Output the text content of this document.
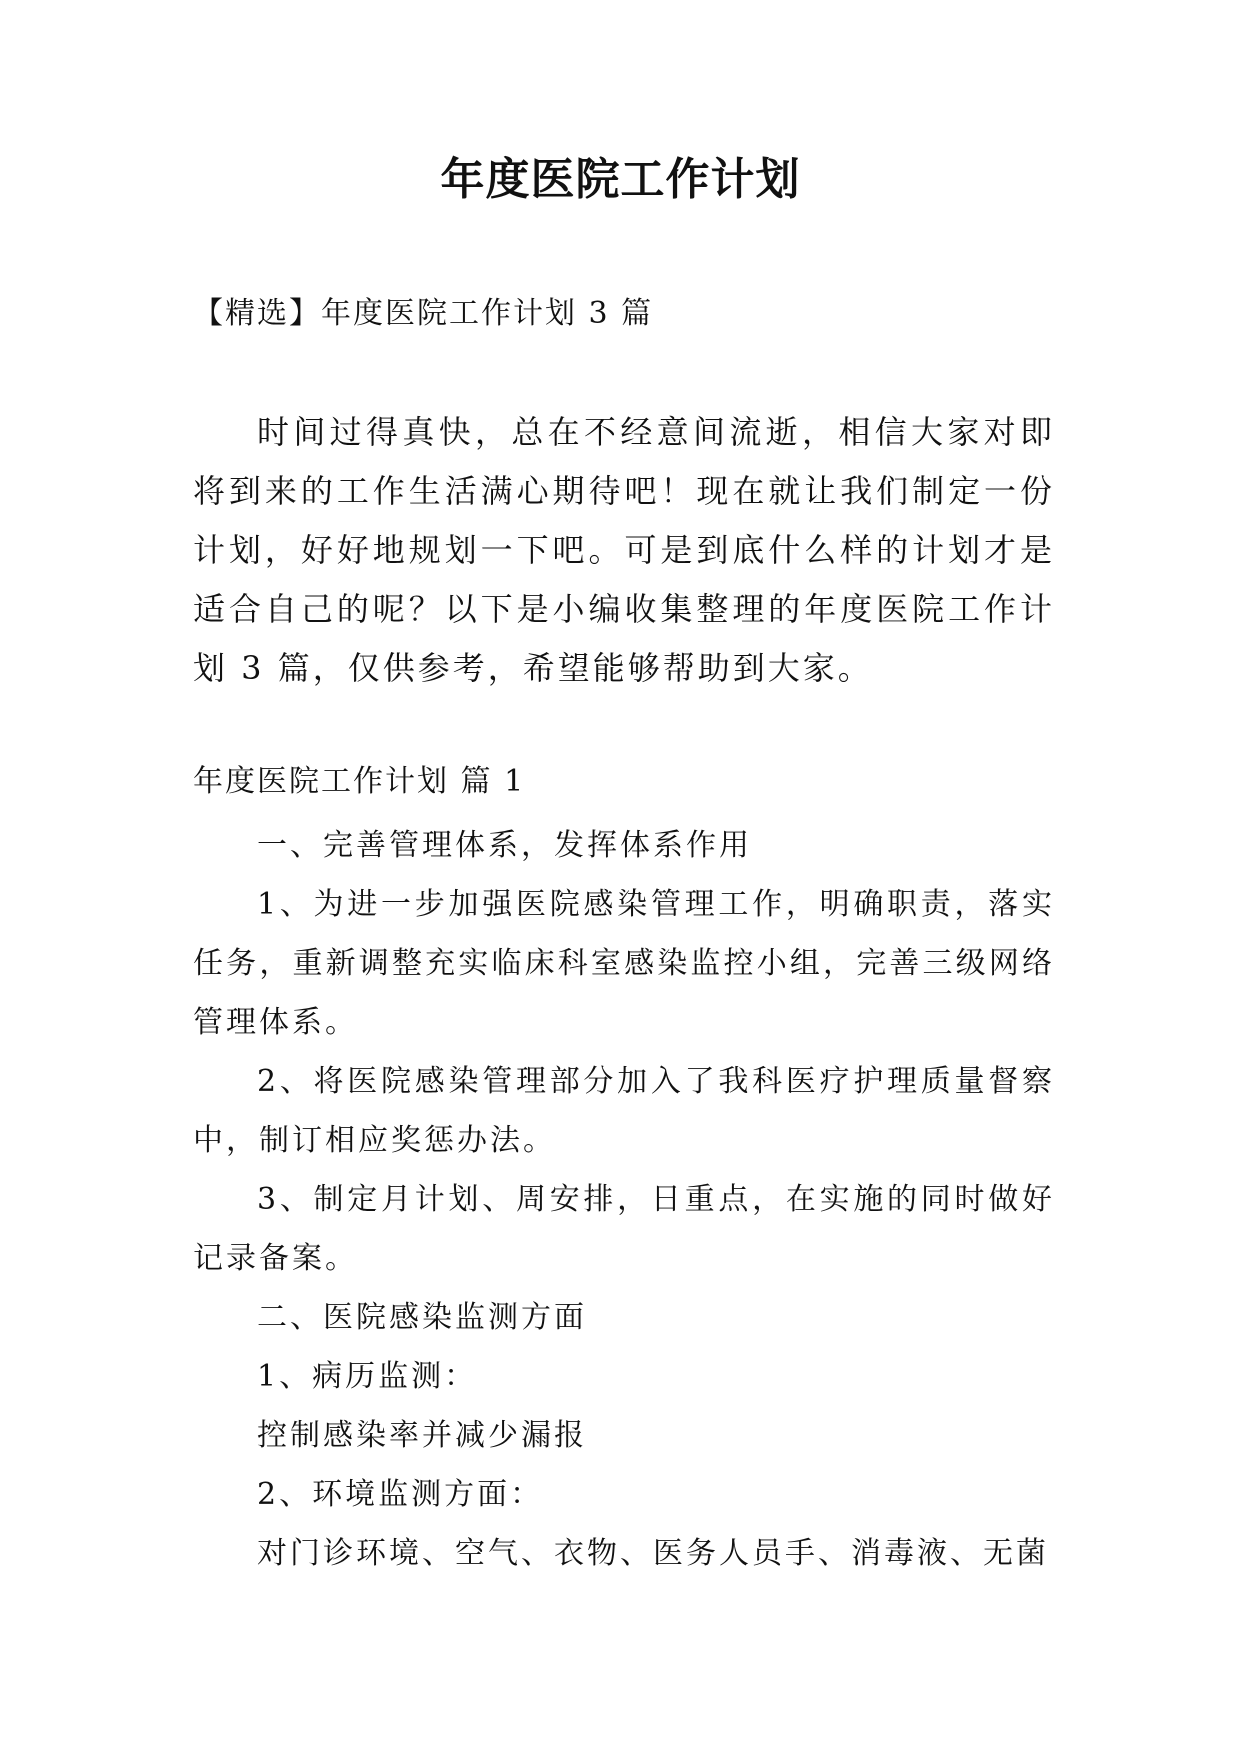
年度医院工作计划
【精选】年度医院工作计划 3 篇

时间过得真快，总在不经意间流逝，相信大家对即将到来的工作生活满心期待吧！现在就让我们制定一份计划，好好地规划一下吧。可是到底什么样的计划才是适合自己的呢？以下是小编收集整理的年度医院工作计划 3 篇，仅供参考，希望能够帮助到大家。

年度医院工作计划 篇 1

一、完善管理体系，发挥体系作用

1、为进一步加强医院感染管理工作，明确职责，落实任务，重新调整充实临床科室感染监控小组，完善三级网络管理体系。

2、将医院感染管理部分加入了我科医疗护理质量督察中，制订相应奖惩办法。

3、制定月计划、周安排，日重点，在实施的同时做好记录备案。

二、医院感染监测方面

1、病历监测：

控制感染率并减少漏报

2、环境监测方面：

对门诊环境、空气、衣物、医务人员手、消毒液、无菌
